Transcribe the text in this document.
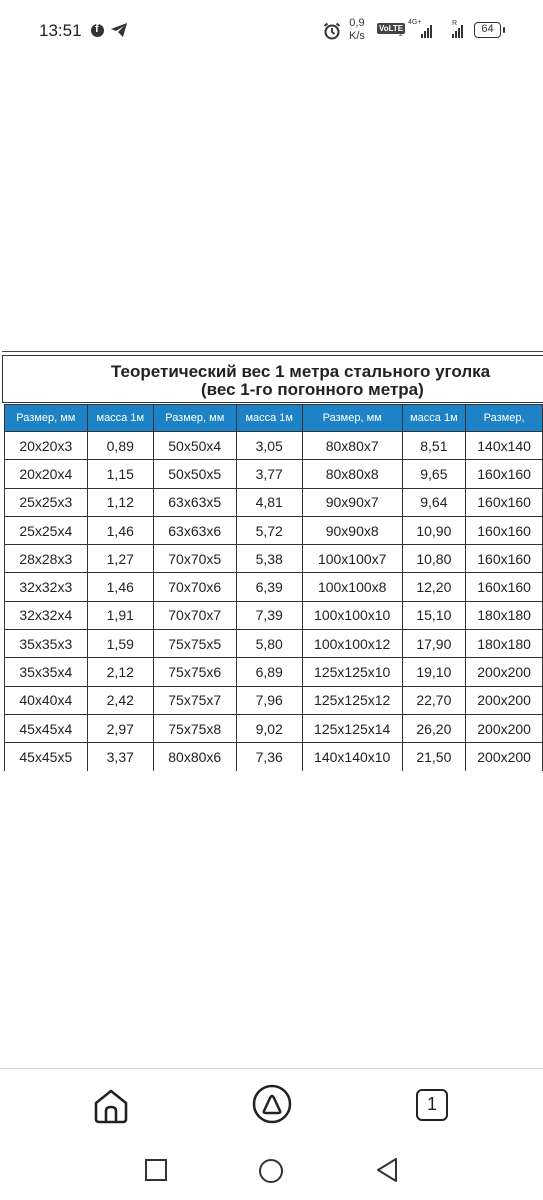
13:51
f	0,9
K/s
VoLTE
2
4G+	R	64
Теоретический вес 1 метра стального уголка
(вес 1-го погонного метра)
Размер, мм	масса 1м	Размер, мм	масса 1м	Размер, мм	масса 1м	Размер,
20x20x3	0,89	50x50x4	3,05	80x80x7	8,51	140x140
20x20x4	1,15	50x50x5	3,77	80x80x8	9,65	160x160
25x25x3	1,12	63x63x5	4,81	90x90x7	9,64	160x160
25x25x4	1,46	63x63x6	5,72	90x90x8	10,90	160x160
28x28x3	1,27	70x70x5	5,38	100x100x7	10,80	160x160
32x32x3	1,46	70x70x6	6,39	100x100x8	12,20	160x160
32x32x4	1,91	70x70x7	7,39	100x100x10	15,10	180x180
35x35x3	1,59	75x75x5	5,80	100x100x12	17,90	180x180
35x35x4	2,12	75x75x6	6,89	125x125x10	19,10	200x200
40x40x4	2,42	75x75x7	7,96	125x125x12	22,70	200x200
45x45x4	2,97	75x75x8	9,02	125x125x14	26,20	200x200
45x45x5	3,37	80x80x6	7,36	140x140x10	21,50	200x200
1
